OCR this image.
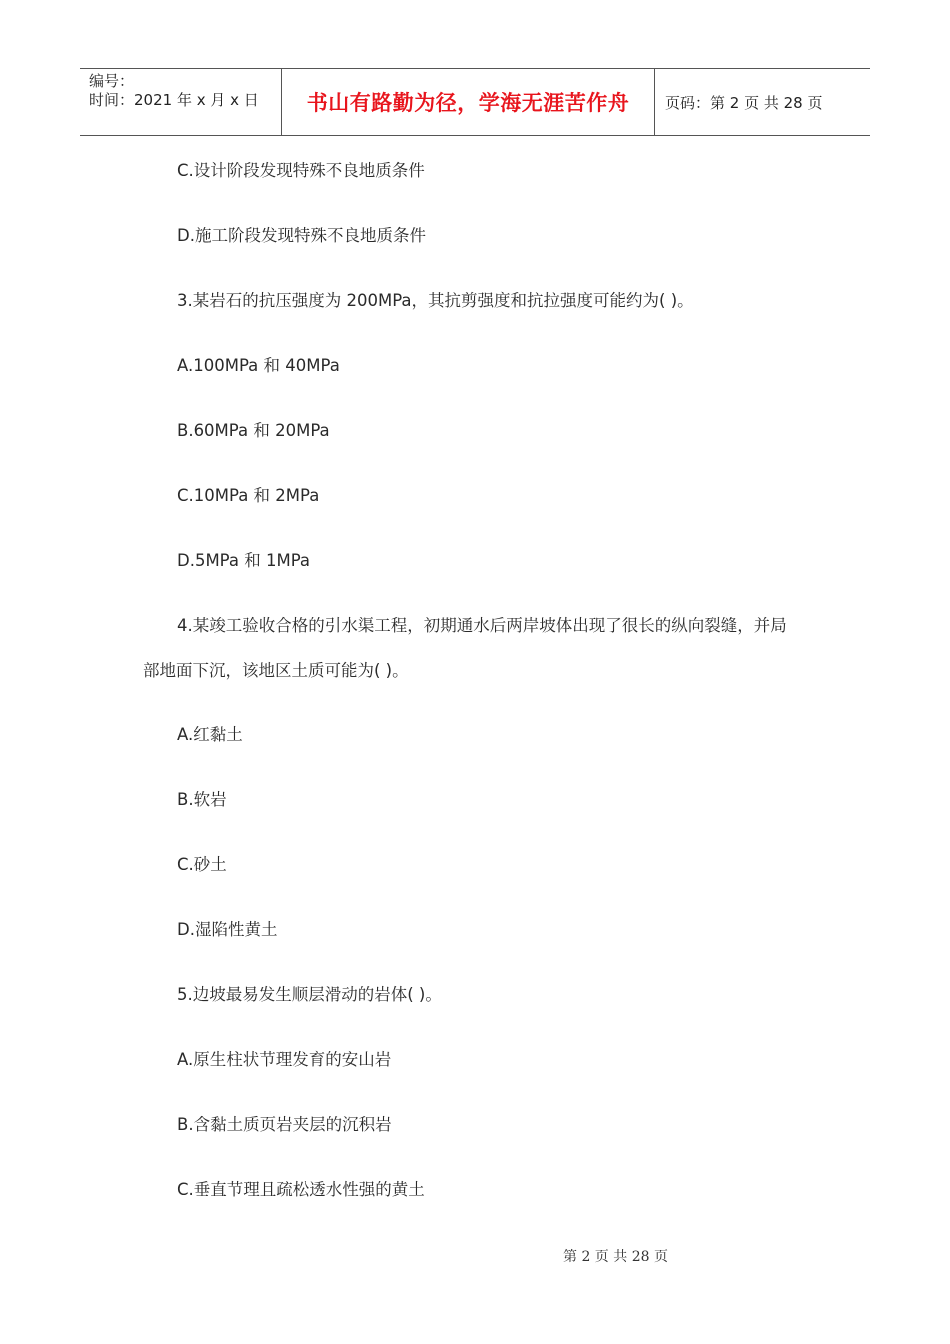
编号：
时间：2021 年 x 月 x 日	书山有路勤为径，学海无涯苦作舟 页码：第 2 页 共 28 页
C.设计阶段发现特殊不良地质条件
D.施工阶段发现特殊不良地质条件
3.某岩石的抗压强度为 200MPa，其抗剪强度和抗拉强度可能约为( )。
A.100MPa 和 40MPa
B.60MPa 和 20MPa
C.10MPa 和 2MPa
D.5MPa 和 1MPa
4.某竣工验收合格的引水渠工程，初期通水后两岸坡体出现了很长的纵向裂缝，并局
部地面下沉，该地区土质可能为( )。
A.红黏土
B.软岩
C.砂土
D.湿陷性黄土
5.边坡最易发生顺层滑动的岩体( )。
A.原生柱状节理发育的安山岩
B.含黏土质页岩夹层的沉积岩
C.垂直节理且疏松透水性强的黄土
第 2 页 共 28 页
